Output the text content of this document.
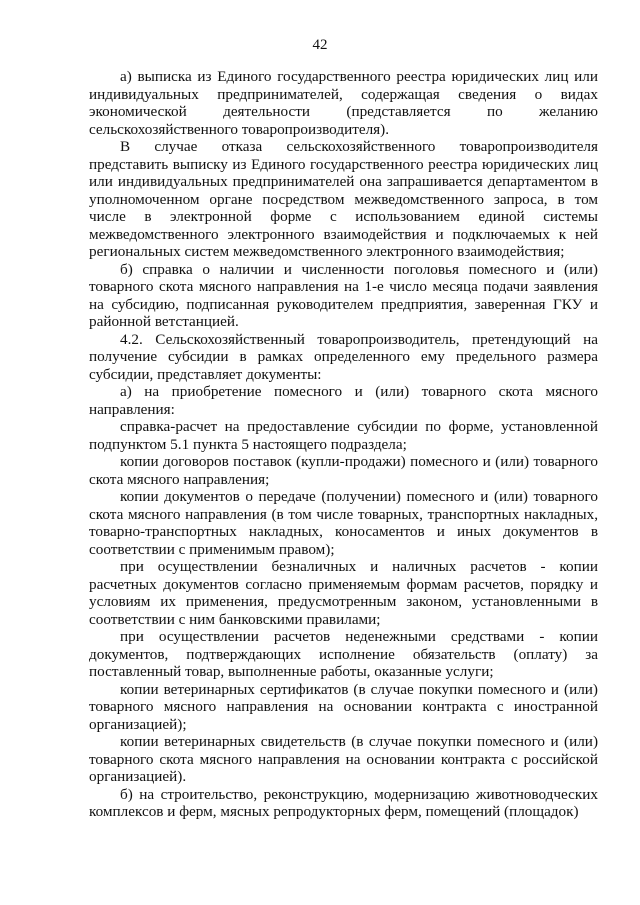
42

а) выписка из Единого государственного реестра юридических лиц или индивидуальных предпринимателей, содержащая сведения о видах экономической деятельности (представляется по желанию сельскохозяйственного товаропроизводителя).

В случае отказа сельскохозяйственного товаропроизводителя представить выписку из Единого государственного реестра юридических лиц или индивидуальных предпринимателей она запрашивается департаментом в уполномоченном органе посредством межведомственного запроса, в том числе в электронной форме с использованием единой системы межведомственного электронного взаимодействия и подключаемых к ней региональных систем межведомственного электронного взаимодействия;

б) справка о наличии и численности поголовья помесного и (или) товарного скота мясного направления на 1-е число месяца подачи заявления на субсидию, подписанная руководителем предприятия, заверенная ГКУ и районной ветстанцией.

4.2. Сельскохозяйственный товаропроизводитель, претендующий на получение субсидии в рамках определенного ему предельного размера субсидии, представляет документы:

а) на приобретение помесного и (или) товарного скота мясного направления:

справка-расчет на предоставление субсидии по форме, установленной подпунктом 5.1 пункта 5 настоящего подраздела;

копии договоров поставок (купли-продажи) помесного и (или) товарного скота мясного направления;

копии документов о передаче (получении) помесного и (или) товарного скота мясного направления (в том числе товарных, транспортных накладных, товарно-транспортных накладных, коносаментов и иных документов в соответствии с применимым правом);

при осуществлении безналичных и наличных расчетов - копии расчетных документов согласно применяемым формам расчетов, порядку и условиям их применения, предусмотренным законом, установленными в соответствии с ним банковскими правилами;

при осуществлении расчетов неденежными средствами - копии документов, подтверждающих исполнение обязательств (оплату) за поставленный товар, выполненные работы, оказанные услуги;

копии ветеринарных сертификатов (в случае покупки помесного и (или) товарного мясного направления на основании контракта с иностранной организацией);

копии ветеринарных свидетельств (в случае покупки помесного и (или) товарного скота мясного направления на основании контракта с российской организацией).

б) на строительство, реконструкцию, модернизацию животноводческих комплексов и ферм, мясных репродукторных ферм, помещений (площадок)
